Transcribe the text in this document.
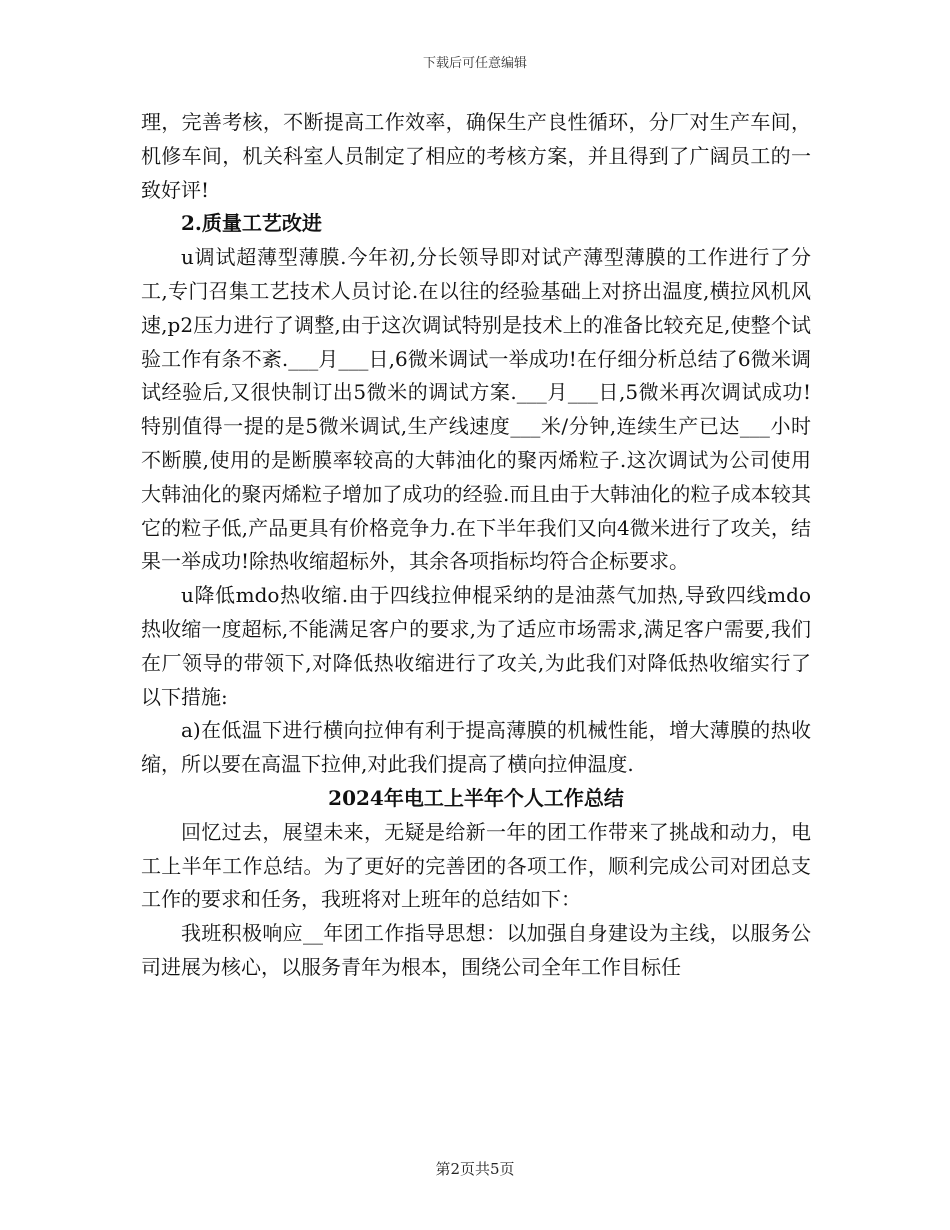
下载后可任意编辑

理，完善考核，不断提高工作效率，确保生产良性循环，分厂对生产车间，机修车间，机关科室人员制定了相应的考核方案，并且得到了广阔员工的一致好评!

2.质量工艺改进

u调试超薄型薄膜.今年初,分长领导即对试产薄型薄膜的工作进行了分工,专门召集工艺技术人员讨论.在以往的经验基础上对挤出温度,横拉风机风速,p2压力进行了调整,由于这次调试特别是技术上的准备比较充足,使整个试验工作有条不紊.___月___日,6微米调试一举成功!在仔细分析总结了6微米调试经验后,又很快制订出5微米的调试方案.___月___日,5微米再次调试成功!特别值得一提的是5微米调试,生产线速度___米/分钟,连续生产已达___小时不断膜,使用的是断膜率较高的大韩油化的聚丙烯粒子.这次调试为公司使用大韩油化的聚丙烯粒子增加了成功的经验.而且由于大韩油化的粒子成本较其它的粒子低,产品更具有价格竞争力.在下半年我们又向4微米进行了攻关，结果一举成功!除热收缩超标外，其余各项指标均符合企标要求。

u降低mdo热收缩.由于四线拉伸棍采纳的是油蒸气加热,导致四线mdo热收缩一度超标,不能满足客户的要求,为了适应市场需求,满足客户需要,我们在厂领导的带领下,对降低热收缩进行了攻关,为此我们对降低热收缩实行了以下措施:

a)在低温下进行横向拉伸有利于提高薄膜的机械性能，增大薄膜的热收缩，所以要在高温下拉伸,对此我们提高了横向拉伸温度.

2024年电工上半年个人工作总结

回忆过去，展望未来，无疑是给新一年的团工作带来了挑战和动力，电工上半年工作总结。为了更好的完善团的各项工作，顺利完成公司对团总支工作的要求和任务，我班将对上班年的总结如下：

我班积极响应__年团工作指导思想：以加强自身建设为主线，以服务公司进展为核心，以服务青年为根本，围绕公司全年工作目标任

第2页共5页
